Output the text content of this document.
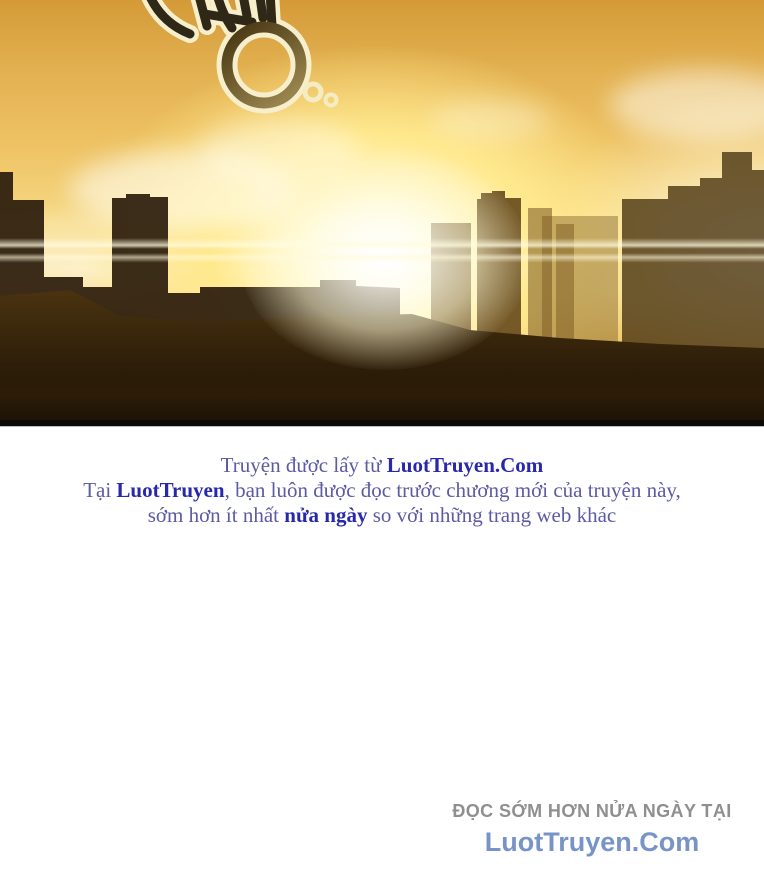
Truyện được lấy từ LuotTruyen.Com
Tại LuotTruyen, bạn luôn được đọc trước chương mới của truyện này,
sớm hơn ít nhất nửa ngày so với những trang web khác
ĐỌC SỚM HƠN NỬA NGÀY TẠI
LuotTruyen.Com
